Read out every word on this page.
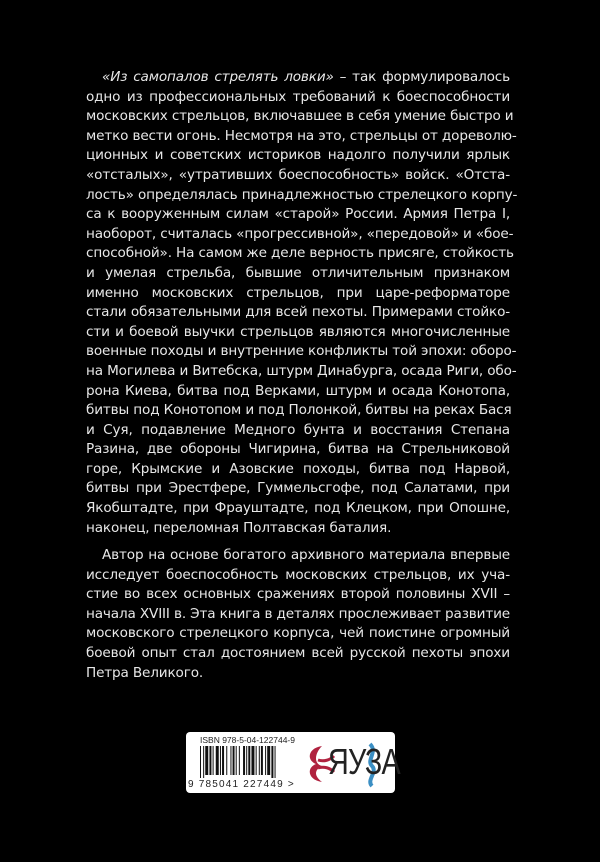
«Из самопалов стрелять ловки» – так формулировалось
одно из профессиональных требований к боеспособности
московских стрельцов, включавшее в себя умение быстро и
метко вести огонь. Несмотря на это, стрельцы от дореволю-
ционных и советских историков надолго получили ярлык
«отсталых», «утративших боеспособность» войск. «Отста-
лость» определялась принадлежностью стрелецкого корпу-
са к вооруженным силам «старой» России. Армия Петра I,
наоборот, считалась «прогрессивной», «передовой» и «бое-
способной». На самом же деле верность присяге, стойкость
и умелая стрельба, бывшие отличительным признаком
именно московских стрельцов, при царе-реформаторе
стали обязательными для всей пехоты. Примерами стойко-
сти и боевой выучки стрельцов являются многочисленные
военные походы и внутренние конфликты той эпохи: оборо-
на Могилева и Витебска, штурм Динабурга, осада Риги, обо-
рона Киева, битва под Верками, штурм и осада Конотопа,
битвы под Конотопом и под Полонкой, битвы на реках Бася
и Суя, подавление Медного бунта и восстания Степана
Разина, две обороны Чигирина, битва на Стрельниковой
горе, Крымские и Азовские походы, битва под Нарвой,
битвы при Эрестфере, Гуммельсгофе, под Салатами, при
Якобштадте, при Фрауштадте, под Клецком, при Опошне,
наконец, переломная Полтавская баталия.
Автор на основе богатого архивного материала впервые
исследует боеспособность московских стрельцов, их уча-
стие во всех основных сражениях второй половины XVII –
начала XVIII в. Эта книга в деталях прослеживает развитие
московского стрелецкого корпуса, чей поистине огромный
боевой опыт стал достоянием всей русской пехоты эпохи
Петра Великого.
ISBN 978-5-04-122744-9
9 785041 227449 >
ЯУЗА
